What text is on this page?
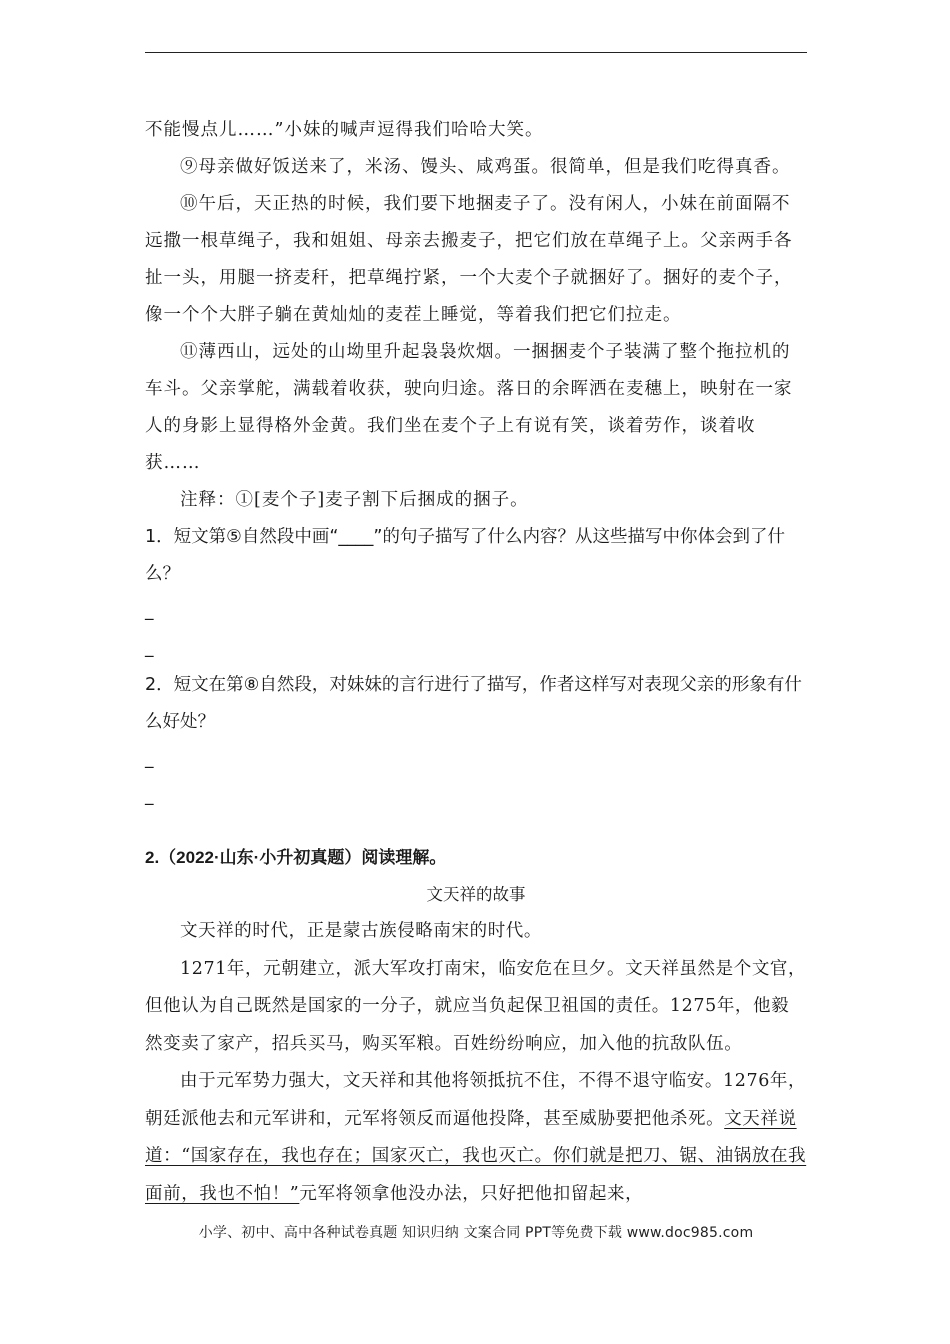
不能慢点儿……”小妹的喊声逗得我们哈哈大笑。

⑨母亲做好饭送来了，米汤、馒头、咸鸡蛋。很简单，但是我们吃得真香。

⑩午后，天正热的时候，我们要下地捆麦子了。没有闲人，小妹在前面隔不远撒一根草绳子，我和姐姐、母亲去搬麦子，把它们放在草绳子上。父亲两手各扯一头，用腿一挤麦秆，把草绳拧紧，一个大麦个子就捆好了。捆好的麦个子，像一个个大胖子躺在黄灿灿的麦茬上睡觉，等着我们把它们拉走。

⑪薄西山，远处的山坳里升起袅袅炊烟。一捆捆麦个子装满了整个拖拉机的车斗。父亲掌舵，满载着收获，驶向归途。落日的余晖洒在麦穗上，映射在一家人的身影上显得格外金黄。我们坐在麦个子上有说有笑，谈着劳作，谈着收获……

注释：①[麦个子]麦子割下后捆成的捆子。

1．短文第⑤自然段中画“____”的句子描写了什么内容？从这些描写中你体会到了什么？

_

_

2．短文在第⑧自然段，对妹妹的言行进行了描写，作者这样写对表现父亲的形象有什么好处？

_

_

2.（2022·山东·小升初真题）阅读理解。

文天祥的故事

文天祥的时代，正是蒙古族侵略南宋的时代。

1271年，元朝建立，派大军攻打南宋，临安危在旦夕。文天祥虽然是个文官，但他认为自己既然是国家的一分子，就应当负起保卫祖国的责任。1275年，他毅然变卖了家产，招兵买马，购买军粮。百姓纷纷响应，加入他的抗敌队伍。

由于元军势力强大，文天祥和其他将领抵抗不住，不得不退守临安。1276年，朝廷派他去和元军讲和，元军将领反而逼他投降，甚至威胁要把他杀死。文天祥说道：“国家存在，我也存在；国家灭亡，我也灭亡。你们就是把刀、锯、油锅放在我面前，我也不怕！”元军将领拿他没办法，只好把他扣留起来，

小学、初中、高中各种试卷真题 知识归纳 文案合同 PPT等免费下载 www.doc985.com
